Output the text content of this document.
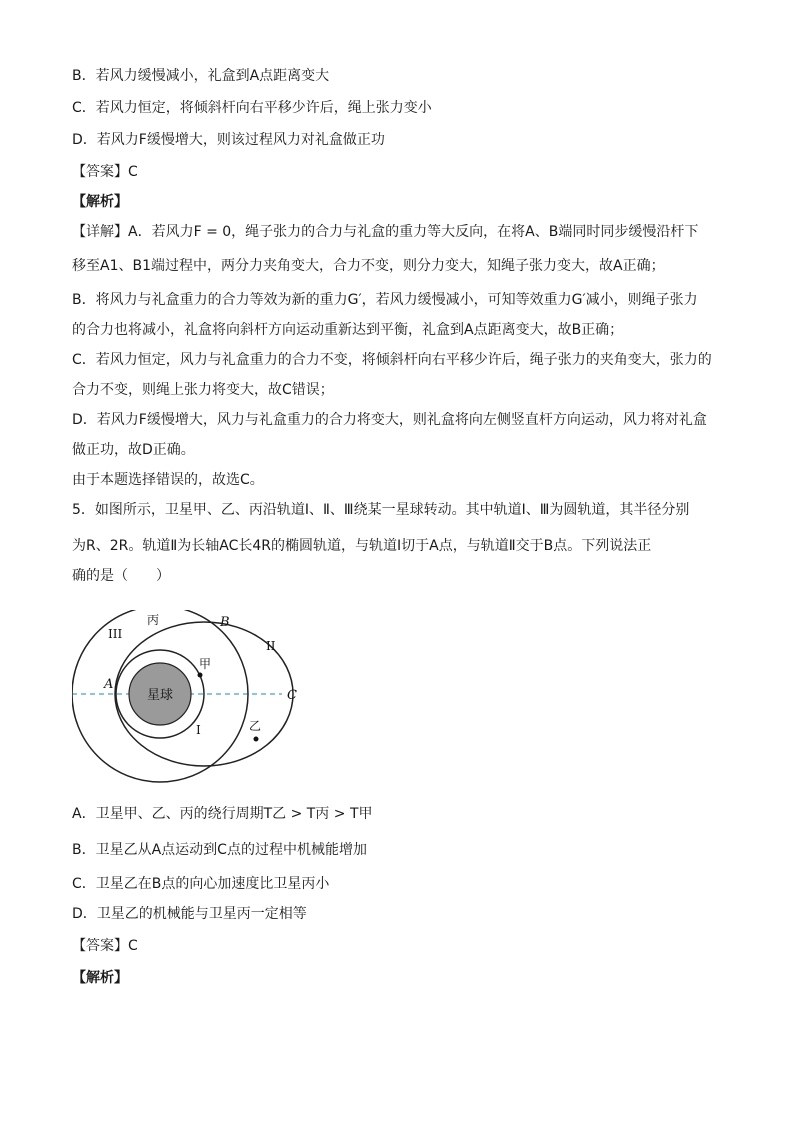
B．若风力缓慢减小，礼盒到A点距离变大

C．若风力恒定，将倾斜杆向右平移少许后，绳上张力变小

D．若风力F缓慢增大，则该过程风力对礼盒做正功

【答案】C

【解析】

【详解】A．若风力F = 0，绳子张力的合力与礼盒的重力等大反向，在将A、B端同时同步缓慢沿杆下

移至A1、B1端过程中，两分力夹角变大，合力不变，则分力变大，知绳子张力变大，故A正确；

B．将风力与礼盒重力的合力等效为新的重力G′，若风力缓慢减小，可知等效重力G′减小，则绳子张力

的合力也将减小，礼盒将向斜杆方向运动重新达到平衡，礼盒到A点距离变大，故B正确；

C．若风力恒定，风力与礼盒重力的合力不变，将倾斜杆向右平移少许后，绳子张力的夹角变大，张力的

合力不变，则绳上张力将变大，故C错误；

D．若风力F缓慢增大，风力与礼盒重力的合力将变大，则礼盒将向左侧竖直杆方向运动，风力将对礼盒

做正功，故D正确。

由于本题选择错误的，故选C。

5．如图所示，卫星甲、乙、丙沿轨道Ⅰ、Ⅱ、Ⅲ绕某一星球转动。其中轨道Ⅰ、Ⅲ为圆轨道，其半径分别

为R、2R。轨道Ⅱ为长轴AC长4R的椭圆轨道，与轨道Ⅰ切于A点，与轨道Ⅱ交于B点。下列说法正

确的是（　　）

星球
丙
甲
乙
III
II
I
A
B
C

A．卫星甲、乙、丙的绕行周期T乙 > T丙 > T甲

B．卫星乙从A点运动到C点的过程中机械能增加

C．卫星乙在B点的向心加速度比卫星丙小

D．卫星乙的机械能与卫星丙一定相等

【答案】C

【解析】
